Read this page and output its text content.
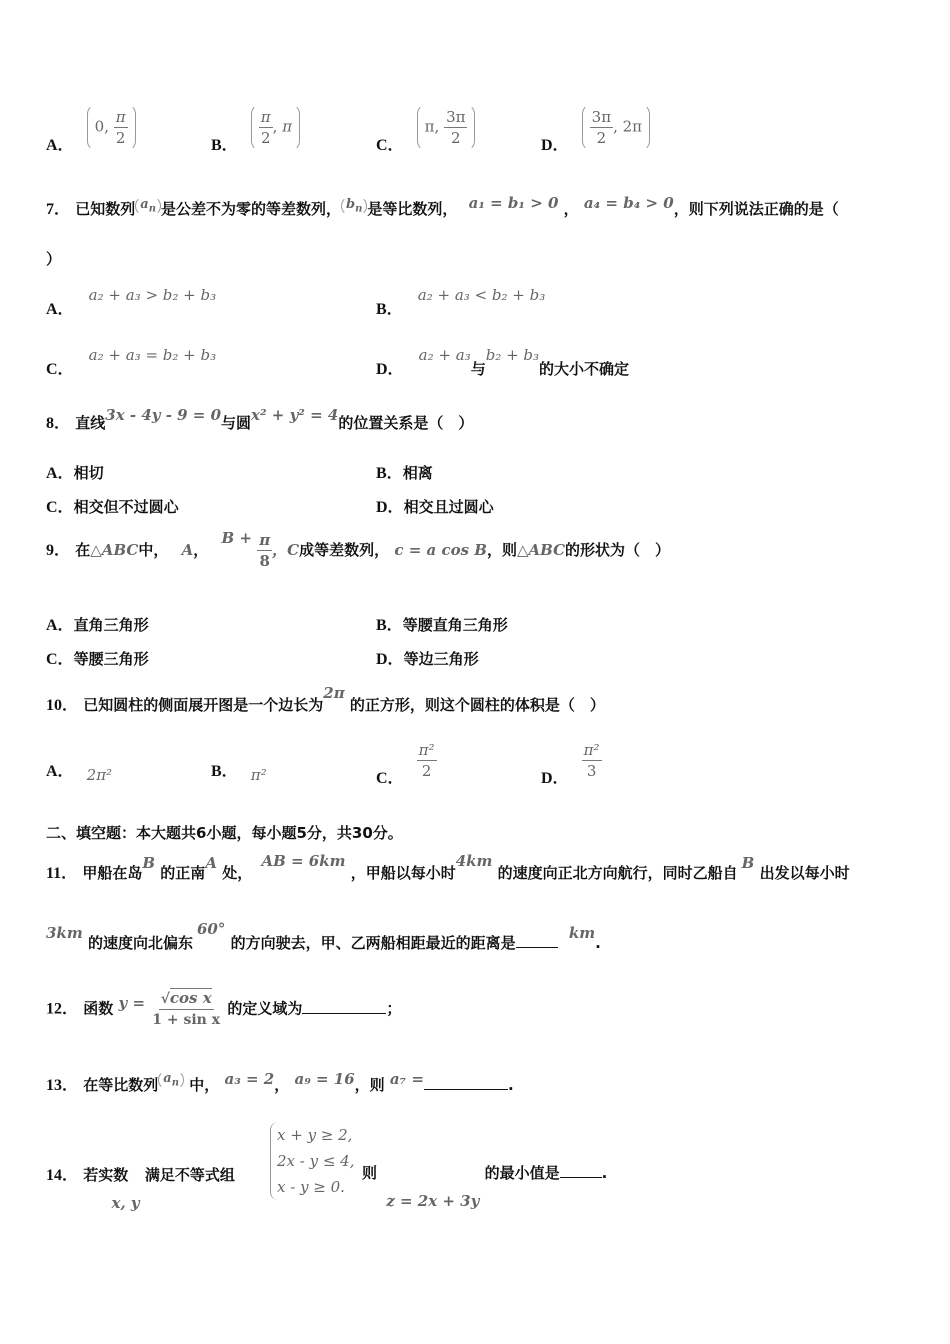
A． 0, $\frac{\pi}{2}$	B． $\frac{\pi}{2}$ , π
C． π, $\frac{3\pi}{2}$	D． $\frac{3\pi}{2}$ , 2π
7． 已知数列 $a_n$ 是公差不为零的等差数列， $b_n$ 是等比数列， a₁ = b₁ > 0 ， a₄ = b₄ > 0，则下列说法正确的是（
）
A． a₂ + a₃ > b₂ + b₃
B． a₂ + a₃ < b₂ + b₃
C． a₂ + a₃ = b₂ + b₃
D． a₂ + a₃与b₂ + b₃的大小不确定
8． 直线3x - 4y - 9 = 0与圆x² + y² = 4的位置关系是（　）
A．相切	B．相离
C．相交但不过圆心	D．相交且过圆心
9． 在△ABC中， A， $B + \frac{\pi}{8}$ ，C成等差数列， c = a cos B，则△ABC的形状为（　）
A．直角三角形	B．等腰直角三角形
C．等腰三角形	D．等边三角形
10． 已知圆柱的侧面展开图是一个边长为2π 的正方形，则这个圆柱的体积是（　）
A． 2π²	B． π²	C． $\frac{\text{π²}}{2}$	D． $\frac{\text{π²}}{3}$
二、填空题：本大题共6小题，每小题5分，共30分。
11． 甲船在岛B 的正南A 处， AB = 6km ，甲船以每小时4km 的速度向正北方向航行，同时乙船自B 出发以每小时
3km 的速度向北偏东60° 的方向驶去，甲、乙两船相距最近的距离是 km.
12． 函数 $y = \frac{\text{√cos x}}{\text{1 + sin x}}$ 的定义域为	；
13． 在等比数列 $a_n$ 中， a₃ = 2， a₉ = 16，则 a₇ =	.
14． 若实数 x, y 满足不等式组
x + y ≥ 2,
2x - y ≤ 4,
x - y ≥ 0.
则 z = 2x + 3y 的最小值是	.
